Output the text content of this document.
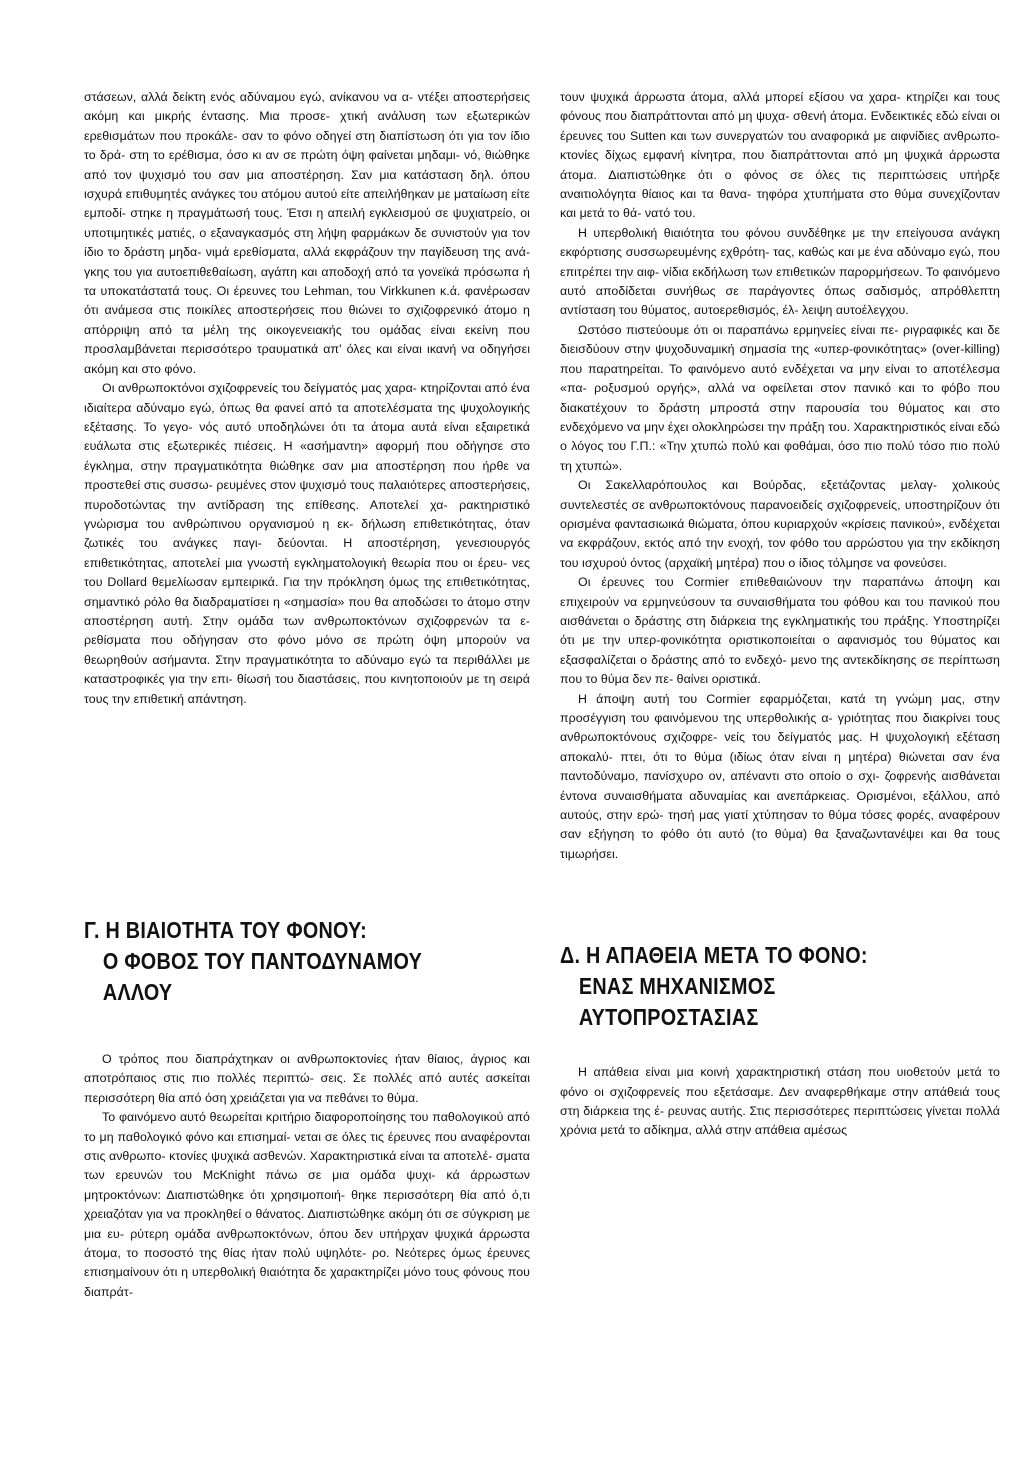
στάσεων, αλλά δείκτη ενός αδύναμου εγώ, ανίκανου να α- ντέξει αποστερήσεις ακόμη και μικρής έντασης. Μια προσε- χτική ανάλυση των εξωτερικών ερεθισμάτων που προκάλε- σαν το φόνο οδηγεί στη διαπίστωση ότι για τον ίδιο το δρά- στη το ερέθισμα, όσο κι αν σε πρώτη όψη φαίνεται μηδαμι- νό, θιώθηκε από τον ψυχισμό του σαν μια αποστέρηση. Σαν μια κατάσταση δηλ. όπου ισχυρά επιθυμητές ανάγκες του ατόμου αυτού είτε απειλήθηκαν με ματαίωση είτε εμποδί- στηκε η πραγμάτωσή τους. Έτσι η απειλή εγκλεισμού σε ψυχιατρείο, οι υποτιμητικές ματιές, ο εξαναγκασμός στη λήψη φαρμάκων δε συνιστούν για τον ίδιο το δράστη μηδα- νιμά ερεθίσματα, αλλά εκφράζουν την παγίδευση της ανά- γκης του για αυτοεπιθεθαίωση, αγάπη και αποδοχή από τα γονεϊκά πρόσωπα ή τα υποκατάστατά τους. Οι έρευνες του Lehman, του Virkkunen κ.ά. φανέρωσαν ότι ανάμεσα στις ποικίλες αποστερήσεις που θιώνει το σχιζοφρενικό άτομο η απόρριψη από τα μέλη της οικογενειακής του ομάδας είναι εκείνη που προσλαμβάνεται περισσότερο τραυματικά απ' όλες και είναι ικανή να οδηγήσει ακόμη και στο φόνο.

Οι ανθρωποκτόνοι σχιζοφρενείς του δείγματός μας χαρα- κτηρίζονται από ένα ιδιαίτερα αδύναμο εγώ, όπως θα φανεί από τα αποτελέσματα της ψυχολογικής εξέτασης. Το γεγο- νός αυτό υποδηλώνει ότι τα άτομα αυτά είναι εξαιρετικά ευάλωτα στις εξωτερικές πιέσεις. Η «ασήμαντη» αφορμή που οδήγησε στο έγκλημα, στην πραγματικότητα θιώθηκε σαν μια αποστέρηση που ήρθε να προστεθεί στις συσσω- ρευμένες στον ψυχισμό τους παλαιότερες αποστερήσεις, πυροδοτώντας την αντίδραση της επίθεσης. Αποτελεί χα- ρακτηριστικό γνώρισμα του ανθρώπινου οργανισμού η εκ- δήλωση επιθετικότητας, όταν ζωτικές του ανάγκες παγι- δεύονται. Η αποστέρηση, γενεσιουργός επιθετικότητας, αποτελεί μια γνωστή εγκληματολογική θεωρία που οι έρευ- νες του Dollard θεμελίωσαν εμπειρικά. Για την πρόκληση όμως της επιθετικότητας, σημαντικό ρόλο θα διαδραματίσει η «σημασία» που θα αποδώσει το άτομο στην αποστέρηση αυτή. Στην ομάδα των ανθρωποκτόνων σχιζοφρενών τα ε- ρεθίσματα που οδήγησαν στο φόνο μόνο σε πρώτη όψη μπορούν να θεωρηθούν ασήμαντα. Στην πραγματικότητα το αδύναμο εγώ τα περιθάλλει με καταστροφικές για την επι- θίωσή του διαστάσεις, που κινητοποιούν με τη σειρά τους την επιθετική απάντηση.

Γ. Η ΒΙΑΙΟΤΗΤΑ ΤΟΥ ΦΟΝΟΥ:
Ο ΦΟΒΟΣ ΤΟΥ ΠΑΝΤΟΔΥΝΑΜΟΥ
ΑΛΛΟΥ

Ο τρόπος που διαπράχτηκαν οι ανθρωποκτονίες ήταν θίαιος, άγριος και αποτρόπαιος στις πιο πολλές περιπτώ- σεις. Σε πολλές από αυτές ασκείται περισσότερη θία από όση χρειάζεται για να πεθάνει το θύμα.

Το φαινόμενο αυτό θεωρείται κριτήριο διαφοροποίησης του παθολογικού από το μη παθολογικό φόνο και επισημαί- νεται σε όλες τις έρευνες που αναφέρονται στις ανθρωπο- κτονίες ψυχικά ασθενών. Χαρακτηριστικά είναι τα αποτελέ- σματα των ερευνών του McKnight πάνω σε μια ομάδα ψυχι- κά άρρωστων μητροκτόνων: Διαπιστώθηκε ότι χρησιμοποιή- θηκε περισσότερη θία από ό,τι χρειαζόταν για να προκληθεί ο θάνατος. Διαπιστώθηκε ακόμη ότι σε σύγκριση με μια ευ- ρύτερη ομάδα ανθρωποκτόνων, όπου δεν υπήρχαν ψυχικά άρρωστα άτομα, το ποσοστό της θίας ήταν πολύ υψηλότε- ρο. Νεότερες όμως έρευνες επισημαίνουν ότι η υπερθολική θιαιότητα δε χαρακτηρίζει μόνο τους φόνους που διαπράτ-

τουν ψυχικά άρρωστα άτομα, αλλά μπορεί εξίσου να χαρα- κτηρίζει και τους φόνους που διαπράττονται από μη ψυχα- σθενή άτομα. Ενδεικτικές εδώ είναι οι έρευνες του Sutten και των συνεργατών του αναφορικά με αιφνίδιες ανθρωπο- κτονίες δίχως εμφανή κίνητρα, που διαπράττονται από μη ψυχικά άρρωστα άτομα. Διαπιστώθηκε ότι ο φόνος σε όλες τις περιπτώσεις υπήρξε αναιτιολόγητα θίαιος και τα θανα- τηφόρα χτυπήματα στο θύμα συνεχίζονταν και μετά το θά- νατό του.

Η υπερθολική θιαιότητα του φόνου συνδέθηκε με την επείγουσα ανάγκη εκφόρτισης συσσωρευμένης εχθρότη- τας, καθώς και με ένα αδύναμο εγώ, που επιτρέπει την αιφ- νίδια εκδήλωση των επιθετικών παρορμήσεων. Το φαινόμενο αυτό αποδίδεται συνήθως σε παράγοντες όπως σαδισμός, απρόθλεπτη αντίσταση του θύματος, αυτοερεθισμός, έλ- λειψη αυτοέλεγχου.

Ωστόσο πιστεύουμε ότι οι παραπάνω ερμηνείες είναι πε- ριγραφικές και δε διεισδύουν στην ψυχοδυναμική σημασία της «υπερ-φονικότητας» (over-killing) που παρατηρείται. Το φαινόμενο αυτό ενδέχεται να μην είναι το αποτέλεσμα «πα- ροξυσμού οργής», αλλά να οφείλεται στον πανικό και το φόβο που διακατέχουν το δράστη μπροστά στην παρουσία του θύματος και στο ενδεχόμενο να μην έχει ολοκληρώσει την πράξη του. Χαρακτηριστικός είναι εδώ ο λόγος του Γ.Π.: «Την χτυπώ πολύ και φοθάμαι, όσο πιο πολύ τόσο πιο πολύ τη χτυπώ».

Οι Σακελλαρόπουλος και Βούρδας, εξετάζοντας μελαγ- χολικούς συντελεστές σε ανθρωποκτόνους παρανοειδείς σχιζοφρενείς, υποστηρίζουν ότι ορισμένα φαντασιωικά θιώματα, όπου κυριαρχούν «κρίσεις πανικού», ενδέχεται να εκφράζουν, εκτός από την ενοχή, τον φόθο του αρρώστου για την εκδίκηση του ισχυρού όντος (αρχαϊκή μητέρα) που ο ίδιος τόλμησε να φονεύσει.

Οι έρευνες του Cormier επιθεθαιώνουν την παραπάνω άποψη και επιχειρούν να ερμηνεύσουν τα συναισθήματα του φόθου και του πανικού που αισθάνεται ο δράστης στη διάρκεια της εγκληματικής του πράξης. Υποστηρίζει ότι με την υπερ-φονικότητα οριστικοποιείται ο αφανισμός του θύματος και εξασφαλίζεται ο δράστης από το ενδεχό- μενο της αντεκδίκησης σε περίπτωση που το θύμα δεν πε- θαίνει οριστικά.

Η άποψη αυτή του Cormier εφαρμόζεται, κατά τη γνώμη μας, στην προσέγγιση του φαινόμενου της υπερθολικής α- γριότητας που διακρίνει τους ανθρωποκτόνους σχιζοφρε- νείς του δείγματός μας. Η ψυχολογική εξέταση αποκαλύ- πτει, ότι το θύμα (ιδίως όταν είναι η μητέρα) θιώνεται σαν ένα παντοδύναμο, πανίσχυρο ον, απέναντι στο οποίο ο σχι- ζοφρενής αισθάνεται έντονα συναισθήματα αδυναμίας και ανεπάρκειας. Ορισμένοι, εξάλλου, από αυτούς, στην ερώ- τησή μας γιατί χτύπησαν το θύμα τόσες φορές, αναφέρουν σαν εξήγηση το φόθο ότι αυτό (το θύμα) θα ξαναζωντανέψει και θα τους τιμωρήσει.

Δ. Η ΑΠΑΘΕΙΑ ΜΕΤΑ ΤΟ ΦΟΝΟ:
ΕΝΑΣ ΜΗΧΑΝΙΣΜΟΣ
ΑΥΤΟΠΡΟΣΤΑΣΙΑΣ

Η απάθεια είναι μια κοινή χαρακτηριστική στάση που υιοθετούν μετά το φόνο οι σχιζοφρενείς που εξετάσαμε. Δεν αναφερθήκαμε στην απάθειά τους στη διάρκεια της έ- ρευνας αυτής. Στις περισσότερες περιπτώσεις γίνεται πολλά χρόνια μετά το αδίκημα, αλλά στην απάθεια αμέσως
